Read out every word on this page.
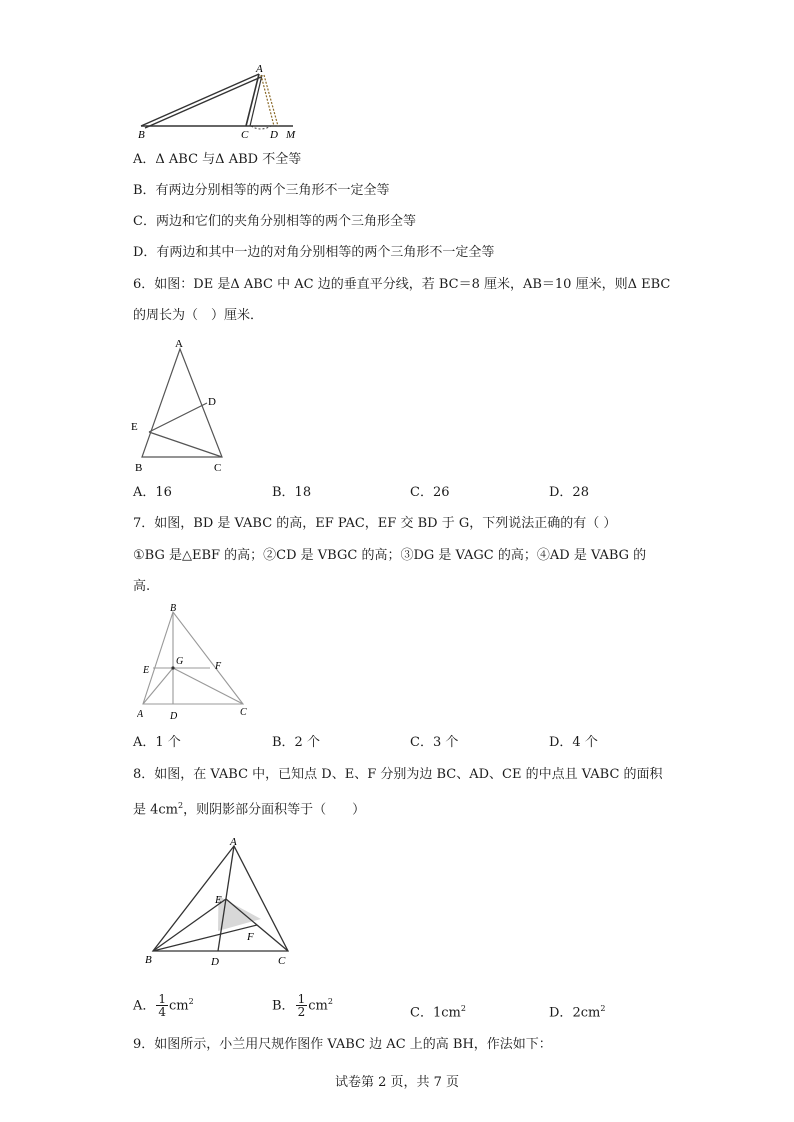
A
B	C D M
A．Δ ABC 与Δ ABD 不全等
B．有两边分别相等的两个三角形不一定全等
C．两边和它们的夹角分别相等的两个三角形全等
D．有两边和其中一边的对角分别相等的两个三角形不一定全等
6．如图：DE 是Δ ABC 中 AC 边的垂直平分线，若 BC＝8 厘米，AB＝10 厘米，则Δ EBC
的周长为（　）厘米．
A
D
E
B	C
A．16	B．18	C．26	D．28
7．如图，BD 是 VABC 的高，EF PAC，EF 交 BD 于 G，下列说法正确的有（ ）
①BG 是△EBF 的高；②CD 是 VBGC 的高；③DG 是 VAGC 的高；④AD 是 VABG 的
高.
B
E
G	F
A	D	C
A．1 个	B．2 个	C．3 个	D．4 个
8．如图，在 VABC 中，已知点 D、E、F 分别为边 BC、AD、CE 的中点且 VABC 的面积
是 $4cm^2$，则阴影部分面积等于（　　）
A
E
F
B	D	C
A． $\frac{1}{4} cm^2$	B． $\frac{1}{2} cm^2$
C．$1cm^2$	D．$2cm^2$
9．如图所示，小兰用尺规作图作 VABC 边 AC 上的高 BH，作法如下：
试卷第 2 页，共 7 页
